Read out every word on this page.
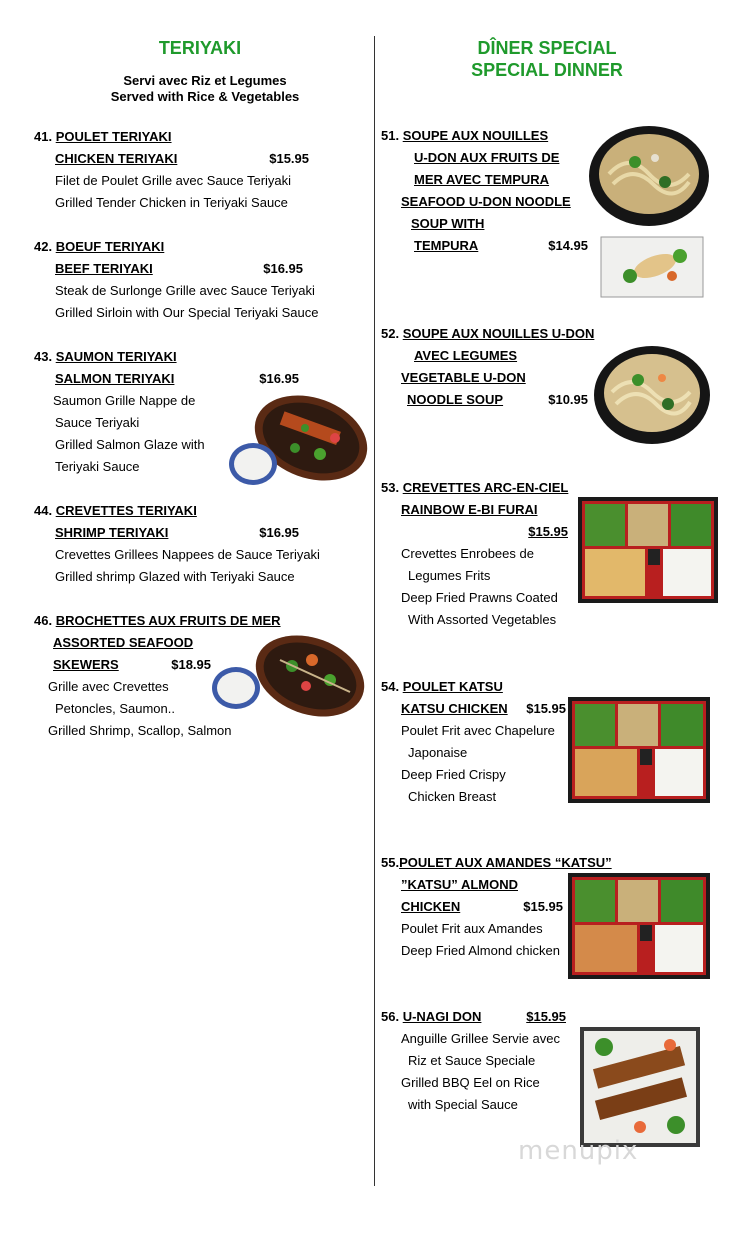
TERIYAKI
Servi avec Riz et Legumes
Served with Rice & Vegetables
41. POULET TERIYAKI
CHICKEN TERIYAKI	$15.95
Filet de Poulet Grille avec Sauce Teriyaki
Grilled Tender Chicken in Teriyaki Sauce
42. BOEUF TERIYAKI
BEEF TERIYAKI	$16.95
Steak de Surlonge Grille avec Sauce Teriyaki
Grilled Sirloin with Our Special Teriyaki Sauce
43. SAUMON TERIYAKI
SALMON TERIYAKI	$16.95
Saumon Grille Nappe de
Sauce Teriyaki
Grilled Salmon Glaze with
Teriyaki Sauce
44. CREVETTES TERIYAKI
SHRIMP TERIYAKI	$16.95
Crevettes Grillees Nappees de Sauce Teriyaki
Grilled shrimp Glazed with Teriyaki Sauce
46. BROCHETTES AUX FRUITS DE MER
ASSORTED SEAFOOD
SKEWERS	$18.95
Grille avec Crevettes
Petoncles, Saumon..
Grilled Shrimp, Scallop, Salmon
DÎNER SPECIAL
SPECIAL DINNER
51. SOUPE AUX NOUILLES
U-DON AUX FRUITS DE
MER AVEC TEMPURA
SEAFOOD U-DON NOODLE
SOUP WITH
TEMPURA	$14.95
52. SOUPE AUX NOUILLES U-DON
AVEC LEGUMES
VEGETABLE U-DON
NOODLE SOUP	$10.95
53. CREVETTES ARC-EN-CIEL
RAINBOW E-BI FURAI
$15.95
Crevettes Enrobees de
Legumes Frits
Deep Fried Prawns Coated
With Assorted Vegetables
54. POULET KATSU
KATSU CHICKEN $15.95
Poulet Frit avec Chapelure
Japonaise
Deep Fried Crispy
Chicken Breast
55.POULET AUX AMANDES “KATSU”
”KATSU” ALMOND
CHICKEN	$15.95
Poulet Frit aux Amandes
Deep Fried Almond chicken
56. U-NAGI DON	$15.95
Anguille Grillee Servie avec
Riz et Sauce Speciale
Grilled BBQ Eel on Rice
with Special Sauce
menupix
